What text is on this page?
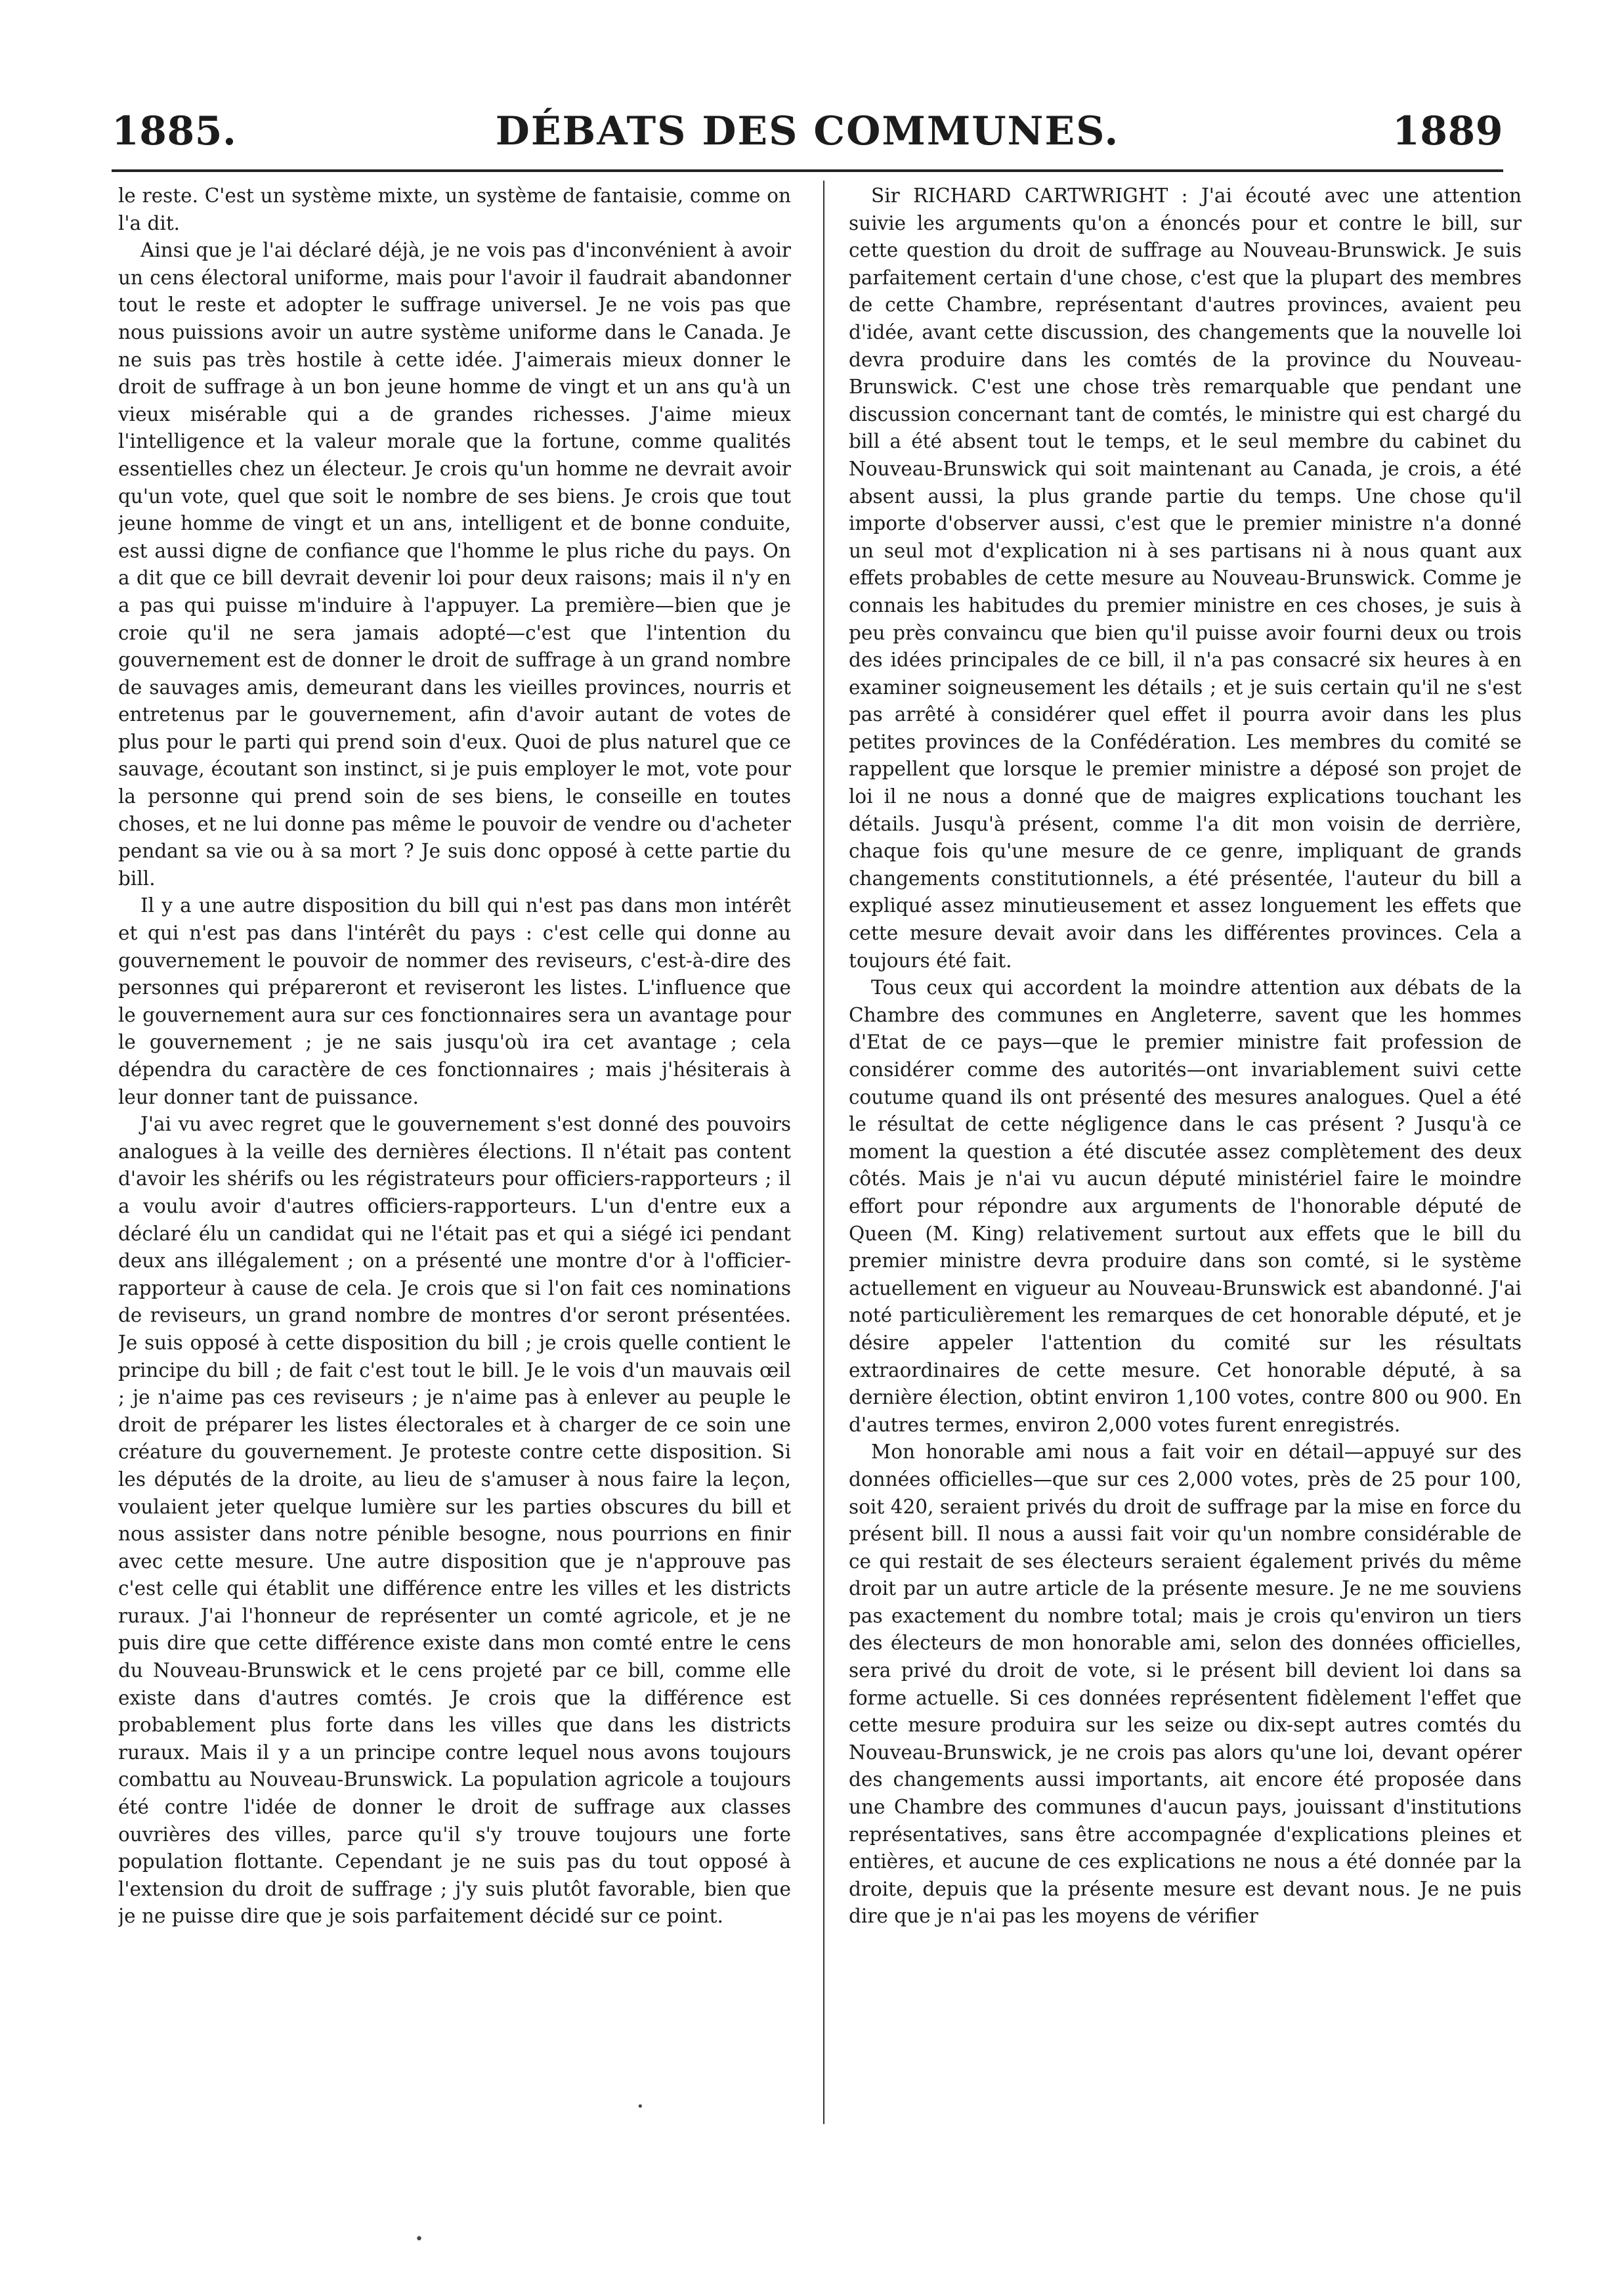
1885.	DÉBATS DES COMMUNES.	1889

le reste. C'est un système mixte, un système de fantaisie, comme on l'a dit.

Ainsi que je l'ai déclaré déjà, je ne vois pas d'inconvénient à avoir un cens électoral uniforme, mais pour l'avoir il faudrait abandonner tout le reste et adopter le suffrage universel. Je ne vois pas que nous puissions avoir un autre système uniforme dans le Canada. Je ne suis pas très hostile à cette idée. J'aimerais mieux donner le droit de suffrage à un bon jeune homme de vingt et un ans qu'à un vieux misérable qui a de grandes richesses. J'aime mieux l'intelligence et la valeur morale que la fortune, comme qualités essentielles chez un électeur. Je crois qu'un homme ne devrait avoir qu'un vote, quel que soit le nombre de ses biens. Je crois que tout jeune homme de vingt et un ans, intelligent et de bonne conduite, est aussi digne de confiance que l'homme le plus riche du pays. On a dit que ce bill devrait devenir loi pour deux raisons; mais il n'y en a pas qui puisse m'induire à l'appuyer. La première—bien que je croie qu'il ne sera jamais adopté—c'est que l'intention du gouvernement est de donner le droit de suffrage à un grand nombre de sauvages amis, demeurant dans les vieilles provinces, nourris et entretenus par le gouvernement, afin d'avoir autant de votes de plus pour le parti qui prend soin d'eux. Quoi de plus naturel que ce sauvage, écoutant son instinct, si je puis employer le mot, vote pour la personne qui prend soin de ses biens, le conseille en toutes choses, et ne lui donne pas même le pouvoir de vendre ou d'acheter pendant sa vie ou à sa mort ? Je suis donc opposé à cette partie du bill.

Il y a une autre disposition du bill qui n'est pas dans mon intérêt et qui n'est pas dans l'intérêt du pays : c'est celle qui donne au gouvernement le pouvoir de nommer des reviseurs, c'est-à-dire des personnes qui prépareront et reviseront les listes. L'influence que le gouvernement aura sur ces fonctionnaires sera un avantage pour le gouvernement ; je ne sais jusqu'où ira cet avantage ; cela dépendra du caractère de ces fonctionnaires ; mais j'hésiterais à leur donner tant de puissance.

J'ai vu avec regret que le gouvernement s'est donné des pouvoirs analogues à la veille des dernières élections. Il n'était pas content d'avoir les shérifs ou les régistrateurs pour officiers-rapporteurs ; il a voulu avoir d'autres officiers-rapporteurs. L'un d'entre eux a déclaré élu un candidat qui ne l'était pas et qui a siégé ici pendant deux ans illégalement ; on a présenté une montre d'or à l'officier-rapporteur à cause de cela. Je crois que si l'on fait ces nominations de reviseurs, un grand nombre de montres d'or seront présentées. Je suis opposé à cette disposition du bill ; je crois quelle contient le principe du bill ; de fait c'est tout le bill. Je le vois d'un mauvais œil ; je n'aime pas ces reviseurs ; je n'aime pas à enlever au peuple le droit de préparer les listes électorales et à charger de ce soin une créature du gouvernement. Je proteste contre cette disposition. Si les députés de la droite, au lieu de s'amuser à nous faire la leçon, voulaient jeter quelque lumière sur les parties obscures du bill et nous assister dans notre pénible besogne, nous pourrions en finir avec cette mesure. Une autre disposition que je n'approuve pas c'est celle qui établit une différence entre les villes et les districts ruraux. J'ai l'honneur de représenter un comté agricole, et je ne puis dire que cette différence existe dans mon comté entre le cens du Nouveau-Brunswick et le cens projeté par ce bill, comme elle existe dans d'autres comtés. Je crois que la différence est probablement plus forte dans les villes que dans les districts ruraux. Mais il y a un principe contre lequel nous avons toujours combattu au Nouveau-Brunswick. La population agricole a toujours été contre l'idée de donner le droit de suffrage aux classes ouvrières des villes, parce qu'il s'y trouve toujours une forte population flottante. Cependant je ne suis pas du tout opposé à l'extension du droit de suffrage ; j'y suis plutôt favorable, bien que je ne puisse dire que je sois parfaitement décidé sur ce point.

Sir RICHARD CARTWRIGHT : J'ai écouté avec une attention suivie les arguments qu'on a énoncés pour et contre le bill, sur cette question du droit de suffrage au Nouveau-Brunswick. Je suis parfaitement certain d'une chose, c'est que la plupart des membres de cette Chambre, représentant d'autres provinces, avaient peu d'idée, avant cette discussion, des changements que la nouvelle loi devra produire dans les comtés de la province du Nouveau-Brunswick. C'est une chose très remarquable que pendant une discussion concernant tant de comtés, le ministre qui est chargé du bill a été absent tout le temps, et le seul membre du cabinet du Nouveau-Brunswick qui soit maintenant au Canada, je crois, a été absent aussi, la plus grande partie du temps. Une chose qu'il importe d'observer aussi, c'est que le premier ministre n'a donné un seul mot d'explication ni à ses partisans ni à nous quant aux effets probables de cette mesure au Nouveau-Brunswick. Comme je connais les habitudes du premier ministre en ces choses, je suis à peu près convaincu que bien qu'il puisse avoir fourni deux ou trois des idées principales de ce bill, il n'a pas consacré six heures à en examiner soigneusement les détails ; et je suis certain qu'il ne s'est pas arrêté à considérer quel effet il pourra avoir dans les plus petites provinces de la Confédération. Les membres du comité se rappellent que lorsque le premier ministre a déposé son projet de loi il ne nous a donné que de maigres explications touchant les détails. Jusqu'à présent, comme l'a dit mon voisin de derrière, chaque fois qu'une mesure de ce genre, impliquant de grands changements constitutionnels, a été présentée, l'auteur du bill a expliqué assez minutieusement et assez longuement les effets que cette mesure devait avoir dans les différentes provinces. Cela a toujours été fait.

Tous ceux qui accordent la moindre attention aux débats de la Chambre des communes en Angleterre, savent que les hommes d'Etat de ce pays—que le premier ministre fait profession de considérer comme des autorités—ont invariablement suivi cette coutume quand ils ont présenté des mesures analogues. Quel a été le résultat de cette négligence dans le cas présent ? Jusqu'à ce moment la question a été discutée assez complètement des deux côtés. Mais je n'ai vu aucun député ministériel faire le moindre effort pour répondre aux arguments de l'honorable député de Queen (M. King) relativement surtout aux effets que le bill du premier ministre devra produire dans son comté, si le système actuellement en vigueur au Nouveau-Brunswick est abandonné. J'ai noté particulièrement les remarques de cet honorable député, et je désire appeler l'attention du comité sur les résultats extraordinaires de cette mesure. Cet honorable député, à sa dernière élection, obtint environ 1,100 votes, contre 800 ou 900. En d'autres termes, environ 2,000 votes furent enregistrés.

Mon honorable ami nous a fait voir en détail—appuyé sur des données officielles—que sur ces 2,000 votes, près de 25 pour 100, soit 420, seraient privés du droit de suffrage par la mise en force du présent bill. Il nous a aussi fait voir qu'un nombre considérable de ce qui restait de ses électeurs seraient également privés du même droit par un autre article de la présente mesure. Je ne me souviens pas exactement du nombre total; mais je crois qu'environ un tiers des électeurs de mon honorable ami, selon des données officielles, sera privé du droit de vote, si le présent bill devient loi dans sa forme actuelle. Si ces données représentent fidèlement l'effet que cette mesure produira sur les seize ou dix-sept autres comtés du Nouveau-Brunswick, je ne crois pas alors qu'une loi, devant opérer des changements aussi importants, ait encore été proposée dans une Chambre des communes d'aucun pays, jouissant d'institutions représentatives, sans être accompagnée d'explications pleines et entières, et aucune de ces explications ne nous a été donnée par la droite, depuis que la présente mesure est devant nous. Je ne puis dire que je n'ai pas les moyens de vérifier

•
•
